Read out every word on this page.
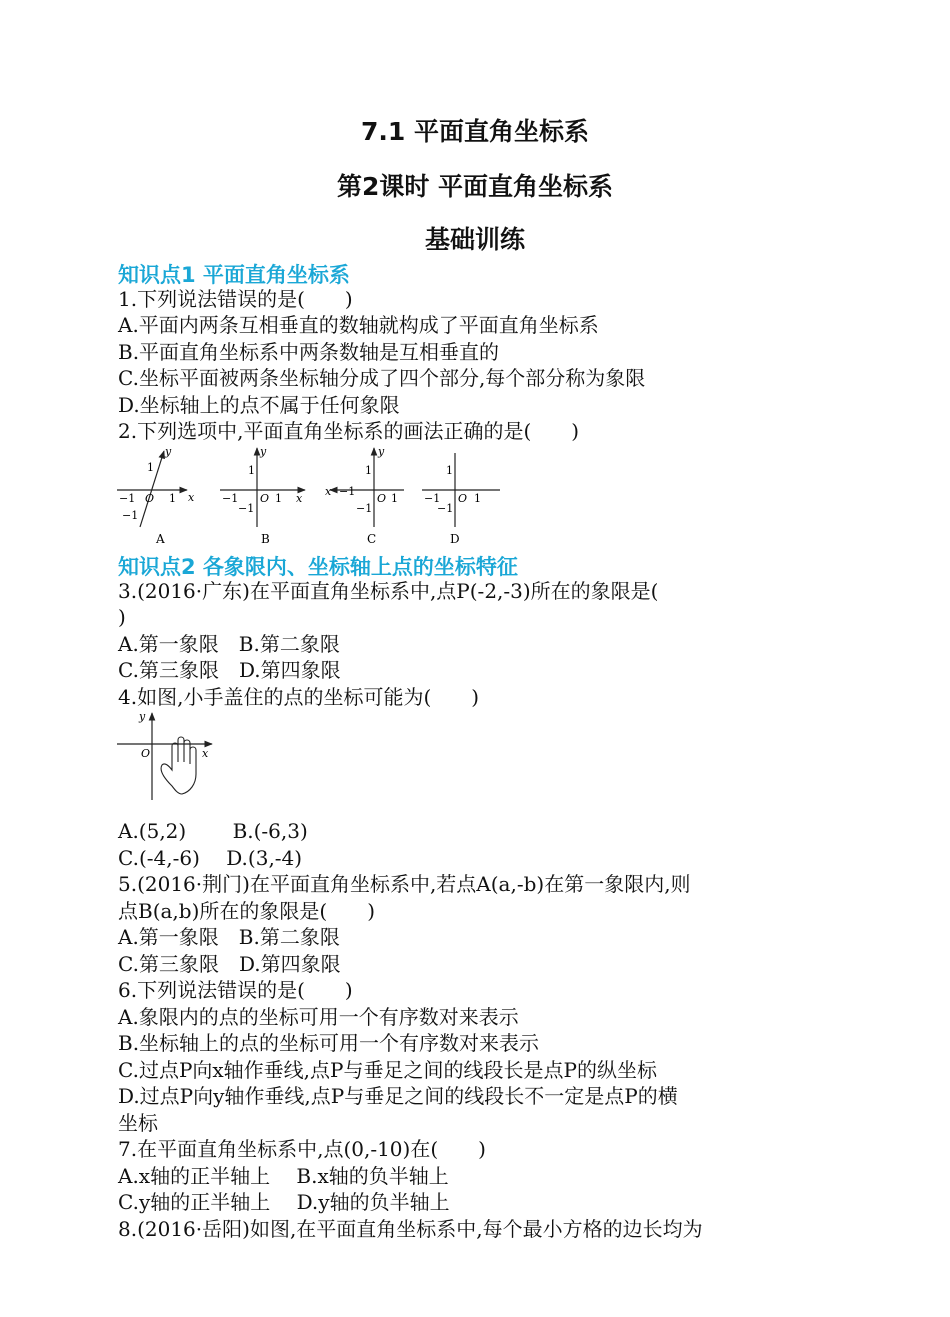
7.1 平面直角坐标系
第2课时 平面直角坐标系
基础训练
知识点1 平面直角坐标系
1.下列说法错误的是(　　)
A.平面内两条互相垂直的数轴就构成了平面直角坐标系
B.平面直角坐标系中两条数轴是互相垂直的
C.坐标平面被两条坐标轴分成了四个部分,每个部分称为象限
D.坐标轴上的点不属于任何象限
2.下列选项中,平面直角坐标系的画法正确的是(　　)
−1 O 1 x
1
−1
y
A
−1 O 1 x
1
−1
y
B
x −1
O 1
1
−1
y
C
−1 O 1
1
−1
D
知识点2 各象限内、坐标轴上点的坐标特征
3.(2016·广东)在平面直角坐标系中,点P(-2,-3)所在的象限是(
)
A.第一象限　B.第二象限
C.第三象限　D.第四象限
4.如图,小手盖住的点的坐标可能为(　　)
y
O	x
A.(5,2)　　 B.(-6,3)
C.(-4,-6)　 D.(3,-4)
5.(2016·荆门)在平面直角坐标系中,若点A(a,-b)在第一象限内,则
点B(a,b)所在的象限是(　　)
A.第一象限　B.第二象限
C.第三象限　D.第四象限
6.下列说法错误的是(　　)
A.象限内的点的坐标可用一个有序数对来表示
B.坐标轴上的点的坐标可用一个有序数对来表示
C.过点P向x轴作垂线,点P与垂足之间的线段长是点P的纵坐标
D.过点P向y轴作垂线,点P与垂足之间的线段长不一定是点P的横
坐标
7.在平面直角坐标系中,点(0,-10)在(　　)
A.x轴的正半轴上　 B.x轴的负半轴上
C.y轴的正半轴上　 D.y轴的负半轴上
8.(2016·岳阳)如图,在平面直角坐标系中,每个最小方格的边长均为
